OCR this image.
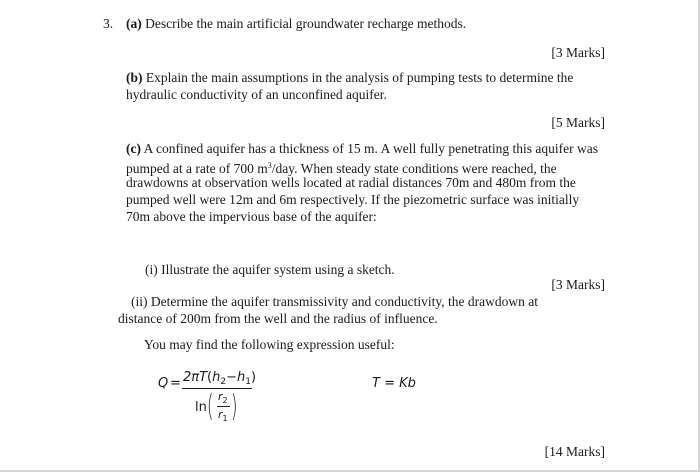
3. (a) Describe the main artificial groundwater recharge methods.
[3 Marks]
(b) Explain the main assumptions in the analysis of pumping tests to determine the
hydraulic conductivity of an unconfined aquifer.
[5 Marks]
(c) A confined aquifer has a thickness of 15 m. A well fully penetrating this aquifer was
pumped at a rate of 700 $m^3$/day. When steady state conditions were reached, the
drawdowns at observation wells located at radial distances 70m and 480m from the
pumped well were 12m and 6m respectively. If the piezometric surface was initially
70m above the impervious base of the aquifer:
(i) Illustrate the aquifer system using a sketch.
[3 Marks]
(ii) Determine the aquifer transmissivity and conductivity, the drawdown at
distance of 200m from the well and the radius of influence.
You may find the following expression useful:
$Q = 2\pi T(h_2-h_1)$
ln ( $r_2$
$r_1$ )
T = Kb
[14 Marks]
